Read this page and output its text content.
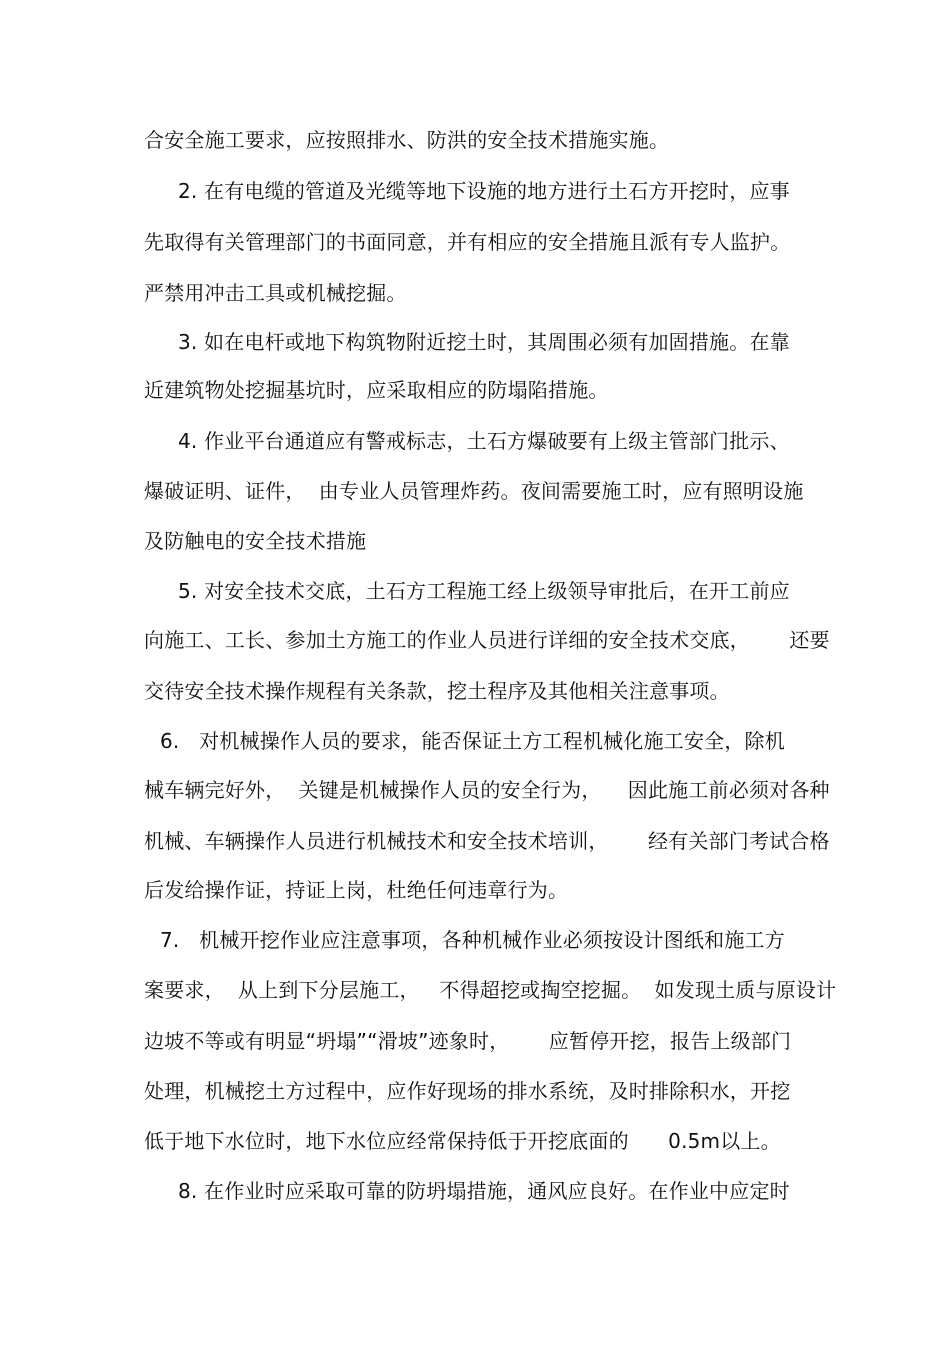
合安全施工要求，应按照排水、防洪的安全技术措施实施。
2. 在有电缆的管道及光缆等地下设施的地方进行土石方开挖时，应事
先取得有关管理部门的书面同意，并有相应的安全措施且派有专人监护。
严禁用冲击工具或机械挖掘。
3. 如在电杆或地下构筑物附近挖土时，其周围必须有加固措施。在靠
近建筑物处挖掘基坑时，应采取相应的防塌陷措施。
4. 作业平台通道应有警戒标志，土石方爆破要有上级主管部门批示、
爆破证明、证件，  由专业人员管理炸药。夜间需要施工时，应有照明设施
及防触电的安全技术措施
5. 对安全技术交底，土石方工程施工经上级领导审批后，在开工前应
向施工、工长、参加土方施工的作业人员进行详细的安全技术交底，      还要
交待安全技术操作规程有关条款，挖土程序及其他相关注意事项。
6.   对机械操作人员的要求，能否保证土方工程机械化施工安全，除机
械车辆完好外，  关键是机械操作人员的安全行为，    因此施工前必须对各种
机械、车辆操作人员进行机械技术和安全技术培训，      经有关部门考试合格
后发给操作证，持证上岗，杜绝任何违章行为。
7.   机械开挖作业应注意事项，各种机械作业必须按设计图纸和施工方
案要求，  从上到下分层施工，   不得超挖或掏空挖掘。  如发现土质与原设计
边坡不等或有明显“坍塌”“滑坡”迹象时，      应暂停开挖，报告上级部门
处理，机械挖土方过程中，应作好现场的排水系统，及时排除积水，开挖
低于地下水位时，地下水位应经常保持低于开挖底面的      0.5m以上。
8. 在作业时应采取可靠的防坍塌措施，通风应良好。在作业中应定时
